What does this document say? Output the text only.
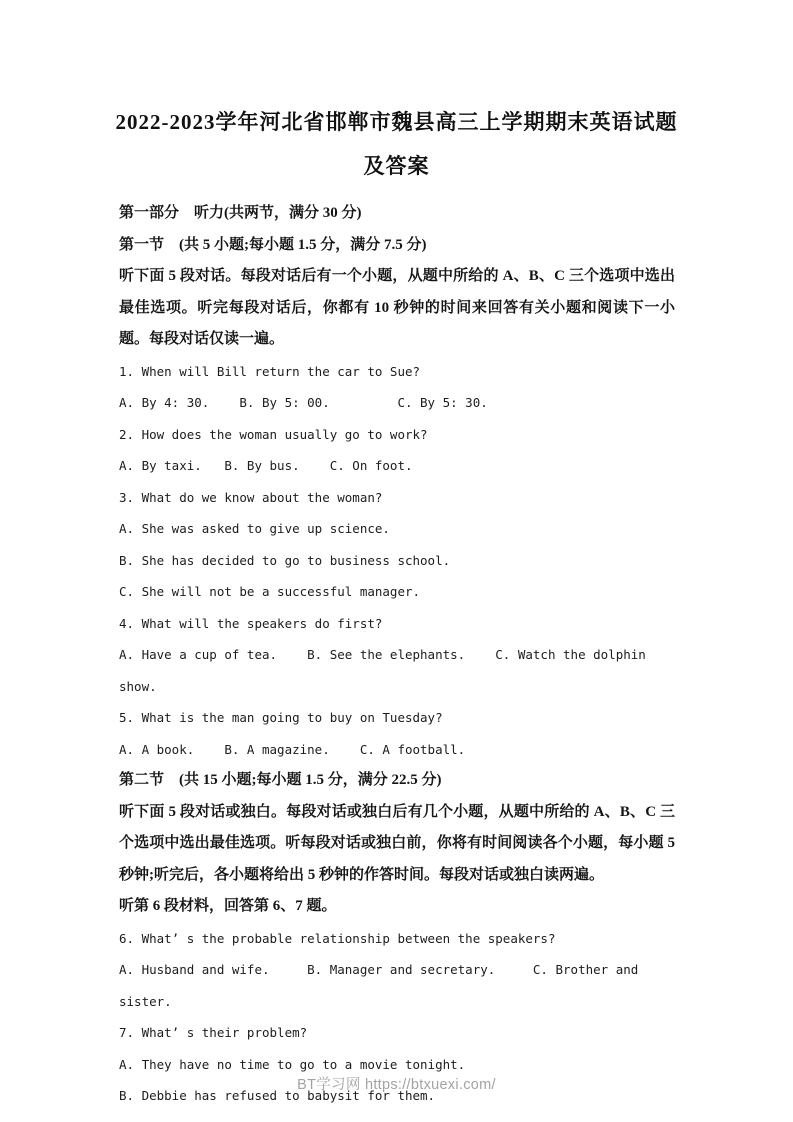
2022-2023学年河北省邯郸市魏县高三上学期期末英语试题
及答案

第一部分　听力(共两节，满分 30 分)

第一节　(共 5 小题;每小题 1.5 分，满分 7.5 分)

听下面 5 段对话。每段对话后有一个小题，从题中所给的 A、B、C 三个选项中选出最佳选项。听完每段对话后，你都有 10 秒钟的时间来回答有关小题和阅读下一小题。每段对话仅读一遍。

1. When will Bill return the car to Sue?

A. By 4: 30.    B. By 5: 00.         C. By 5: 30.

2. How does the woman usually go to work?

A. By taxi.   B. By bus.    C. On foot.

3. What do we know about the woman?

A. She was asked to give up science.

B. She has decided to go to business school.

C. She will not be a successful manager.

4. What will the speakers do first?

A. Have a cup of tea.    B. See the elephants.    C. Watch the dolphin show.

5. What is the man going to buy on Tuesday?

A. A book.    B. A magazine.    C. A football.

第二节　(共 15 小题;每小题 1.5 分，满分 22.5 分)

听下面 5 段对话或独白。每段对话或独白后有几个小题，从题中所给的 A、B、C 三个选项中选出最佳选项。听每段对话或独白前，你将有时间阅读各个小题，每小题 5 秒钟;听完后，各小题将给出 5 秒钟的作答时间。每段对话或独白读两遍。

听第 6 段材料，回答第 6、7 题。

6. What’ s the probable relationship between the speakers?

A. Husband and wife.     B. Manager and secretary.     C. Brother and sister.

7. What’ s their problem?

A. They have no time to go to a movie tonight.

B. Debbie has refused to babysit for them.

BT学习网 https://btxuexi.com/
